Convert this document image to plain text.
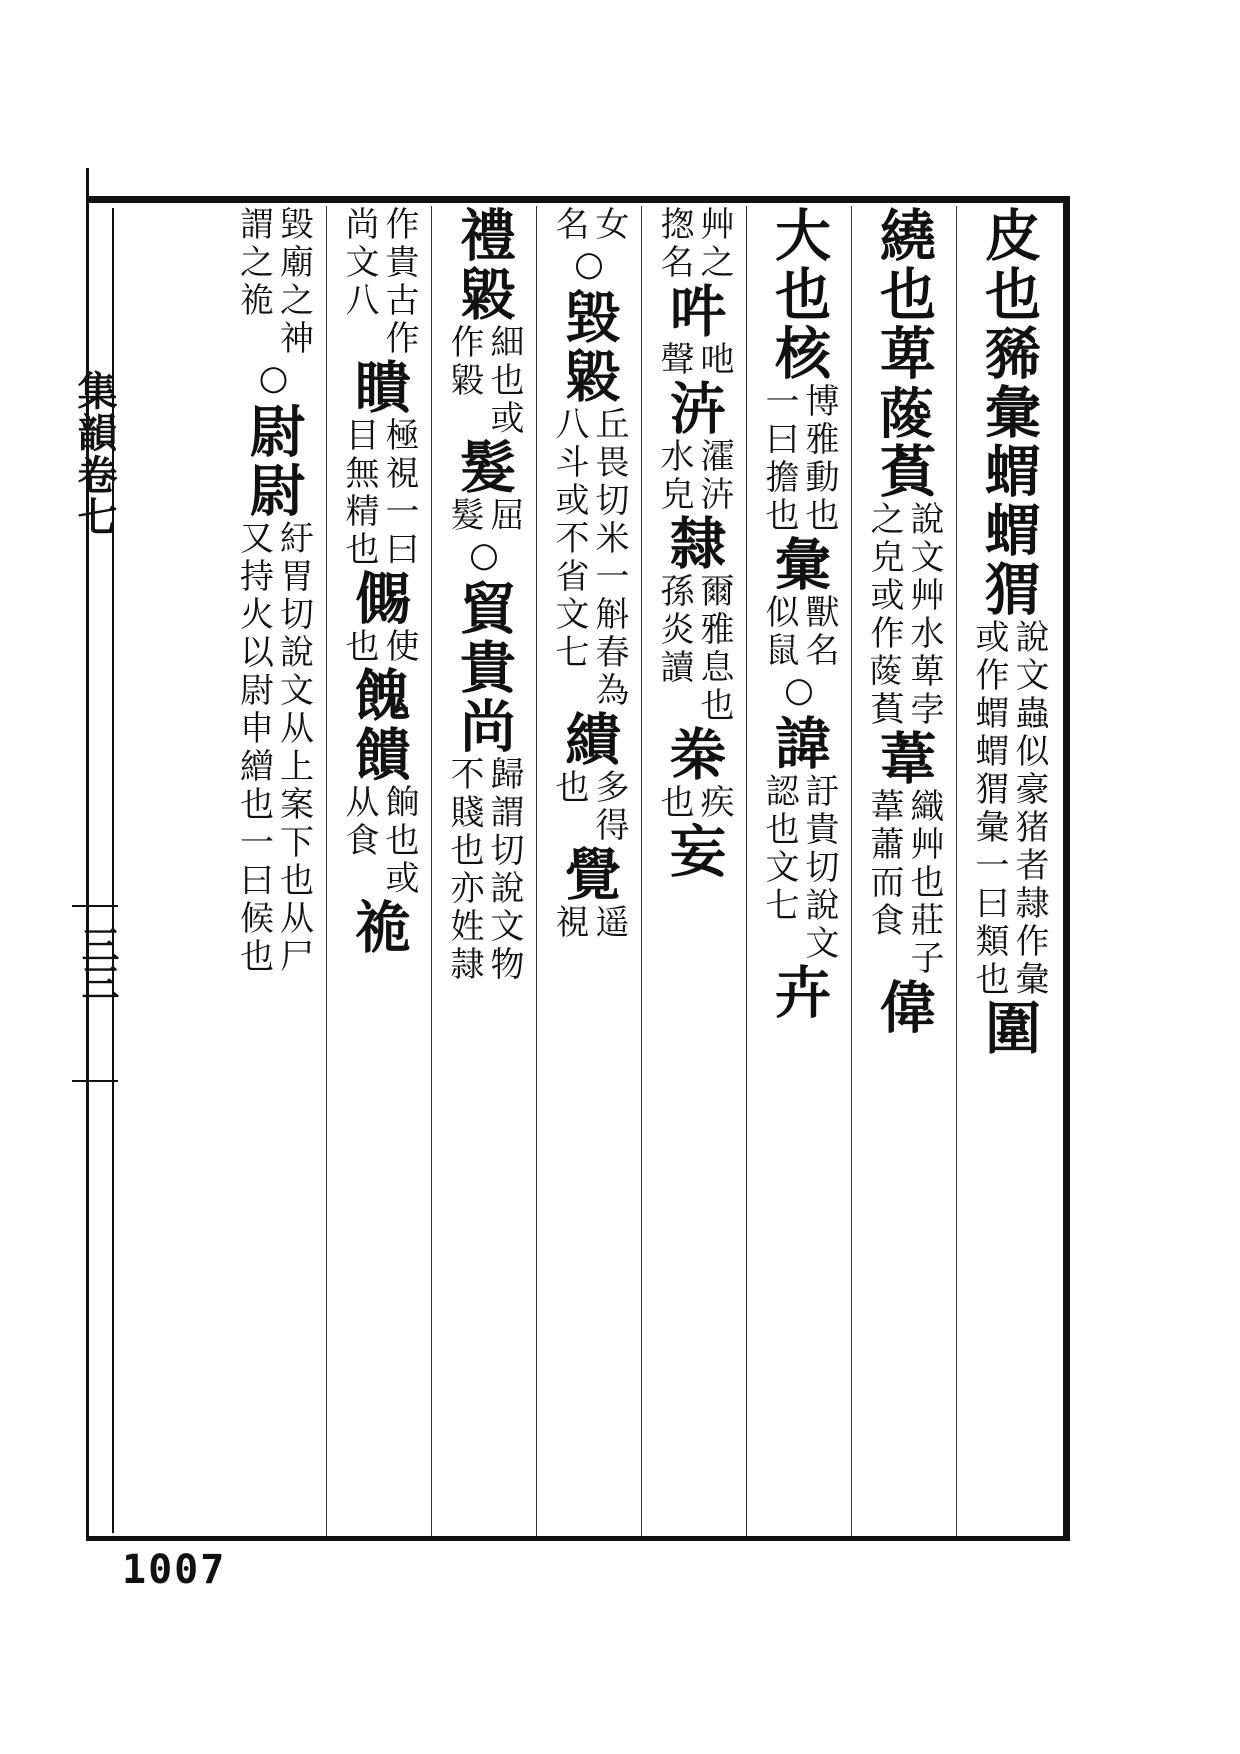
集韻卷七
三三
皮也
豨彙蝟蝟猬
說文蟲似豪猪者隷作彙
或作蝟蝟猬彙一曰類也
圍
繞也
萆𦶬萯
說文艸水萆孛
之皃或作𦶬萯
葦
織艸也莊子
葦蕭而食
偉
大也
核
博雅動也
一曰擔也
彙
獸名
似鼠
○
諱
訏貴切說文
認也文七
卉
艸之
揔名
吽
吔
聲
泋
瀖泋
水皃
隸
爾雅息也
孫炎讀
桊
疾
也
妄
女
名
○
毀
毇
丘畏切米一斛春為
八斗或不省文七
繢
多得
也
覺
遥
視
禮毇
細也或
作毇
髮
屈
髮
○
貿貴尚
歸謂切說文物
不賤也亦姓隷
作貴古作
尚文八
瞶
極視一曰
目無精也
儩
使
也
餽饋
餉也或
从食
祪
毀廟之神
謂之祪
○
尉尉
紆胃切說文从上案下也从尸
又持火以尉申繒也一曰候也
1007
